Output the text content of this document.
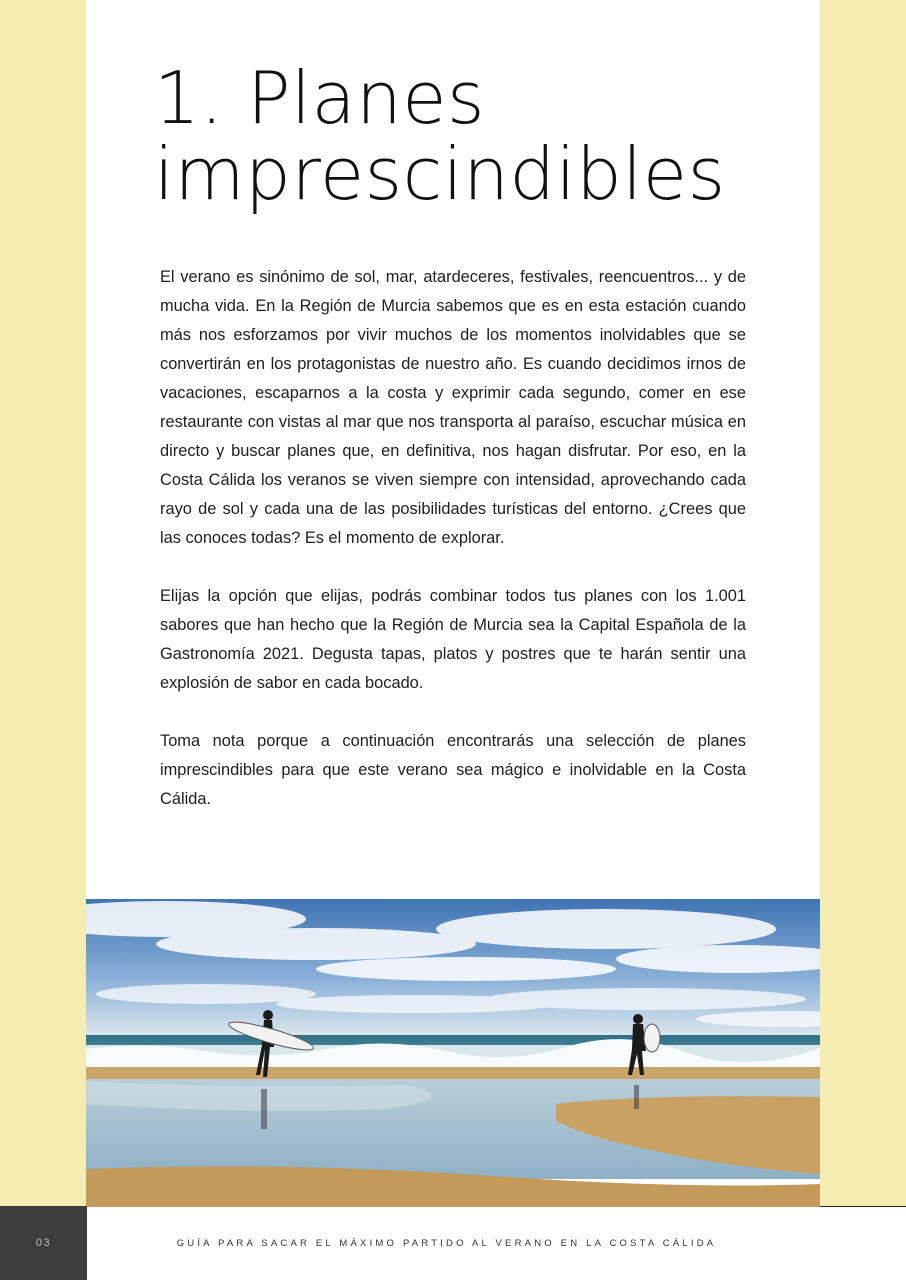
1. Planes
imprescindibles

El verano es sinónimo de sol, mar, atardeceres, festivales, reencuentros... y de mucha vida. En la Región de Murcia sabemos que es en esta estación cuando más nos esforzamos por vivir muchos de los momentos inolvidables que se convertirán en los protagonistas de nuestro año. Es cuando decidimos irnos de vacaciones, escaparnos a la costa y exprimir cada segundo, comer en ese restaurante con vistas al mar que nos transporta al paraíso, escuchar música en directo y buscar planes que, en definitiva, nos hagan disfrutar. Por eso, en la Costa Cálida los veranos se viven siempre con intensidad, aprovechando cada rayo de sol y cada una de las posibilidades turísticas del entorno. ¿Crees que las conoces todas? Es el momento de explorar.

Elijas la opción que elijas, podrás combinar todos tus planes con los 1.001 sabores que han hecho que la Región de Murcia sea la Capital Española de la Gastronomía 2021. Degusta tapas, platos y postres que te harán sentir una explosión de sabor en cada bocado.

Toma nota porque a continuación encontrarás una selección de planes imprescindibles para que este verano sea mágico e inolvidable en la Costa Cálida.

03	GUÍA PARA SACAR EL MÁXIMO PARTIDO AL VERANO EN LA COSTA CÁLIDA
